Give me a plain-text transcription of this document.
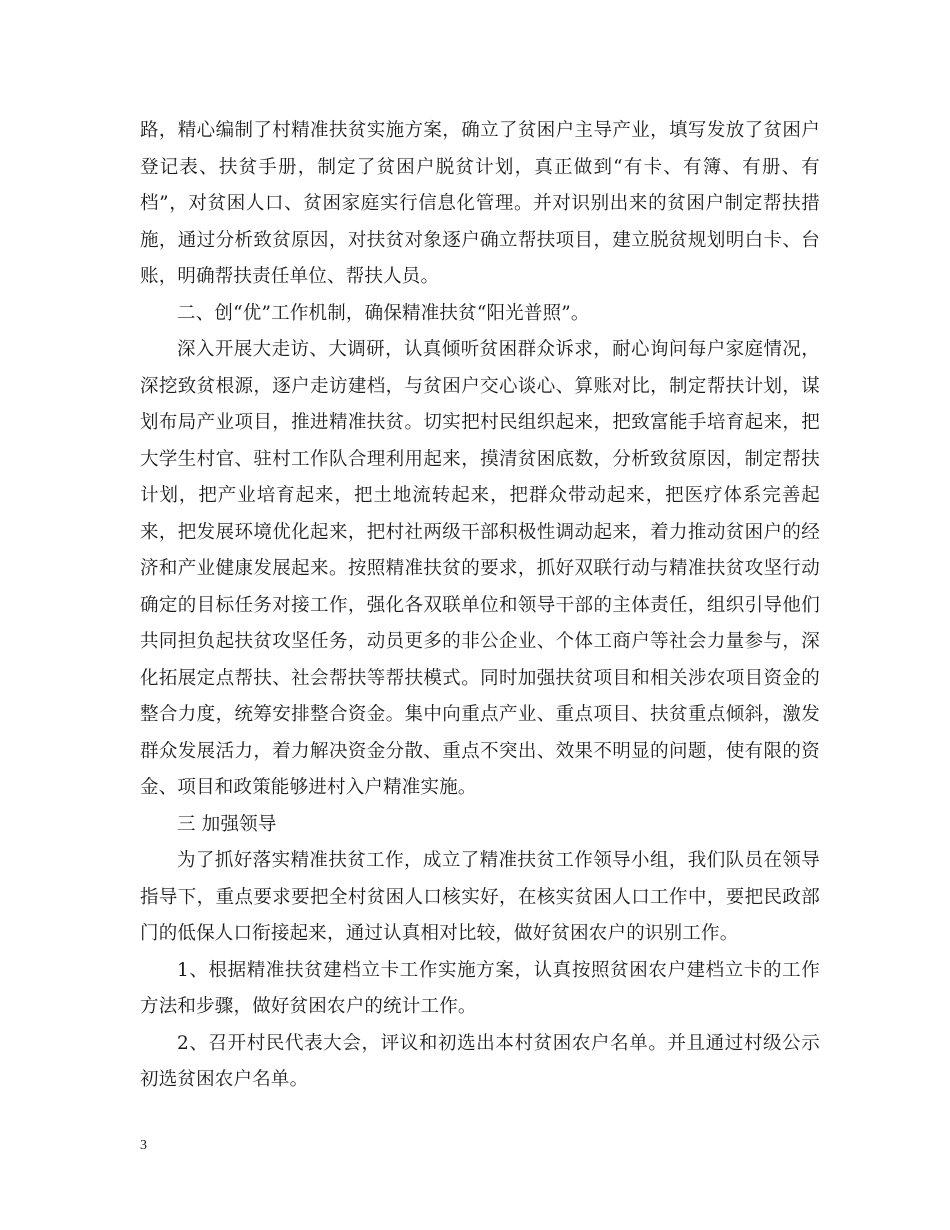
路，精心编制了村精准扶贫实施方案，确立了贫困户主导产业，填写发放了贫困户登记表、扶贫手册，制定了贫困户脱贫计划，真正做到“有卡、有簿、有册、有档”，对贫困人口、贫困家庭实行信息化管理。并对识别出来的贫困户制定帮扶措施，通过分析致贫原因，对扶贫对象逐户确立帮扶项目，建立脱贫规划明白卡、台账，明确帮扶责任单位、帮扶人员。

二、创“优”工作机制，确保精准扶贫“阳光普照”。

深入开展大走访、大调研，认真倾听贫困群众诉求，耐心询问每户家庭情况，深挖致贫根源，逐户走访建档，与贫困户交心谈心、算账对比，制定帮扶计划，谋划布局产业项目，推进精准扶贫。切实把村民组织起来，把致富能手培育起来，把大学生村官、驻村工作队合理利用起来，摸清贫困底数，分析致贫原因，制定帮扶计划，把产业培育起来，把土地流转起来，把群众带动起来，把医疗体系完善起来，把发展环境优化起来，把村社两级干部积极性调动起来，着力推动贫困户的经济和产业健康发展起来。按照精准扶贫的要求，抓好双联行动与精准扶贫攻坚行动确定的目标任务对接工作，强化各双联单位和领导干部的主体责任，组织引导他们共同担负起扶贫攻坚任务，动员更多的非公企业、个体工商户等社会力量参与，深化拓展定点帮扶、社会帮扶等帮扶模式。同时加强扶贫项目和相关涉农项目资金的整合力度，统筹安排整合资金。集中向重点产业、重点项目、扶贫重点倾斜，激发群众发展活力，着力解决资金分散、重点不突出、效果不明显的问题，使有限的资金、项目和政策能够进村入户精准实施。

三 加强领导

为了抓好落实精准扶贫工作，成立了精准扶贫工作领导小组，我们队员在领导指导下，重点要求要把全村贫困人口核实好，在核实贫困人口工作中，要把民政部门的低保人口衔接起来，通过认真相对比较，做好贫困农户的识别工作。

1、根据精准扶贫建档立卡工作实施方案，认真按照贫困农户建档立卡的工作方法和步骤，做好贫困农户的统计工作。

2、召开村民代表大会，评议和初选出本村贫困农户名单。并且通过村级公示初选贫困农户名单。

3
